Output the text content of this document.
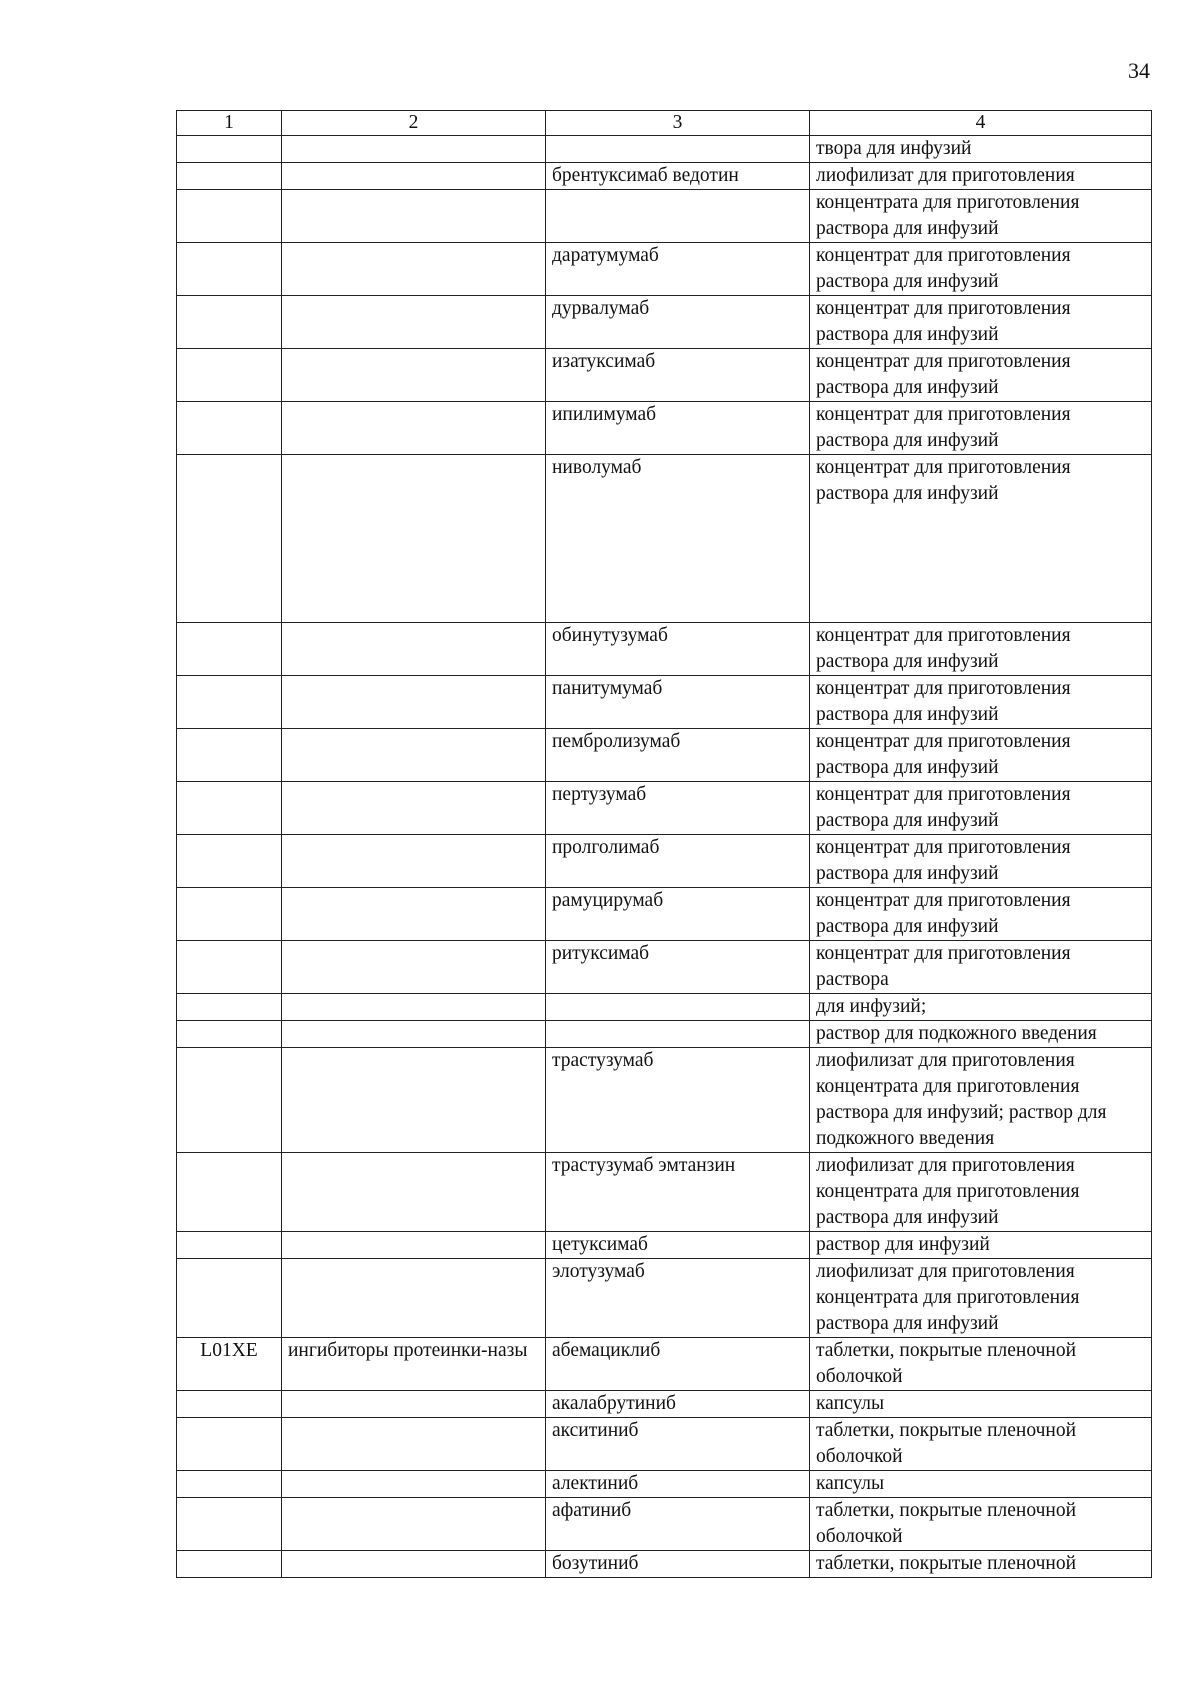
34
1	2	3	4
			твора для инфузий
		брентуксимаб ведотин	лиофилизат для приготовления
			концентрата для приготовления раствора для инфузий
		даратумумаб	концентрат для приготовления раствора для инфузий
		дурвалумаб	концентрат для приготовления раствора для инфузий
		изатуксимаб	концентрат для приготовления раствора для инфузий
		ипилимумаб	концентрат для приготовления раствора для инфузий
		ниволумаб	концентрат для приготовления раствора для инфузий
		обинутузумаб	концентрат для приготовления раствора для инфузий
		панитумумаб	концентрат для приготовления раствора для инфузий
		пембролизумаб	концентрат для приготовления раствора для инфузий
		пертузумаб	концентрат для приготовления раствора для инфузий
		пролголимаб	концентрат для приготовления раствора для инфузий
		рамуцирумаб	концентрат для приготовления раствора для инфузий
		ритуксимаб	концентрат для приготовления раствора
			для инфузий;
			раствор для подкожного введения
		трастузумаб	лиофилизат для приготовления концентрата для приготовления раствора для инфузий; раствор для подкожного введения
		трастузумаб эмтанзин	лиофилизат для приготовления концентрата для приготовления раствора для инфузий
		цетуксимаб	раствор для инфузий
		элотузумаб	лиофилизат для приготовления концентрата для приготовления раствора для инфузий
L01XE	ингибиторы протеинки-назы	абемациклиб	таблетки, покрытые пленочной оболочкой
		акалабрутиниб	капсулы
		акситиниб	таблетки, покрытые пленочной оболочкой
		алектиниб	капсулы
		афатиниб	таблетки, покрытые пленочной оболочкой
		бозутиниб	таблетки, покрытые пленочной
